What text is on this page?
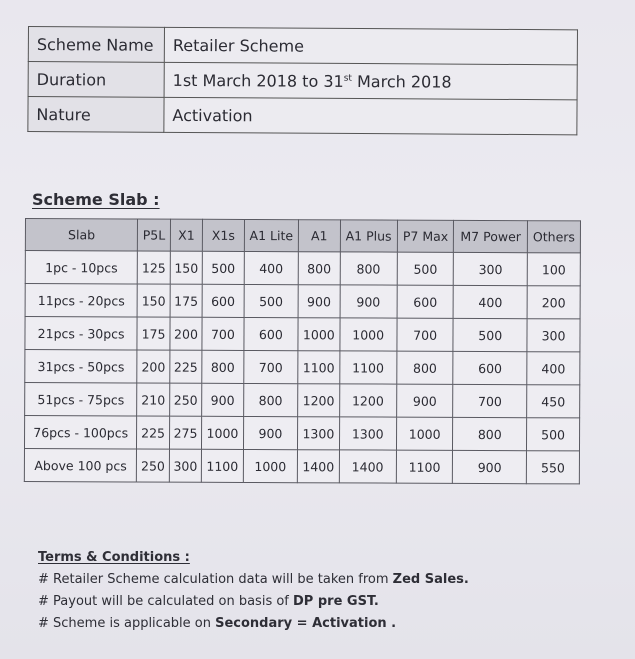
Scheme Name	Retailer Scheme
Duration	1st March 2018 to 31st March 2018
Nature	Activation
Scheme Slab :
Slab	P5L	X1	X1s	A1 Lite	A1	A1 Plus	P7 Max	M7 Power	Others
1pc - 10pcs	125	150	500	400	800	800	500	300	100
11pcs - 20pcs	150	175	600	500	900	900	600	400	200
21pcs - 30pcs	175	200	700	600	1000	1000	700	500	300
31pcs - 50pcs	200	225	800	700	1100	1100	800	600	400
51pcs - 75pcs	210	250	900	800	1200	1200	900	700	450
76pcs - 100pcs	225	275	1000	900	1300	1300	1000	800	500
Above 100 pcs	250	300	1100	1000	1400	1400	1100	900	550
Terms & Conditions :
# Retailer Scheme calculation data will be taken from Zed Sales.
# Payout will be calculated on basis of DP pre GST.
# Scheme is applicable on Secondary = Activation .
